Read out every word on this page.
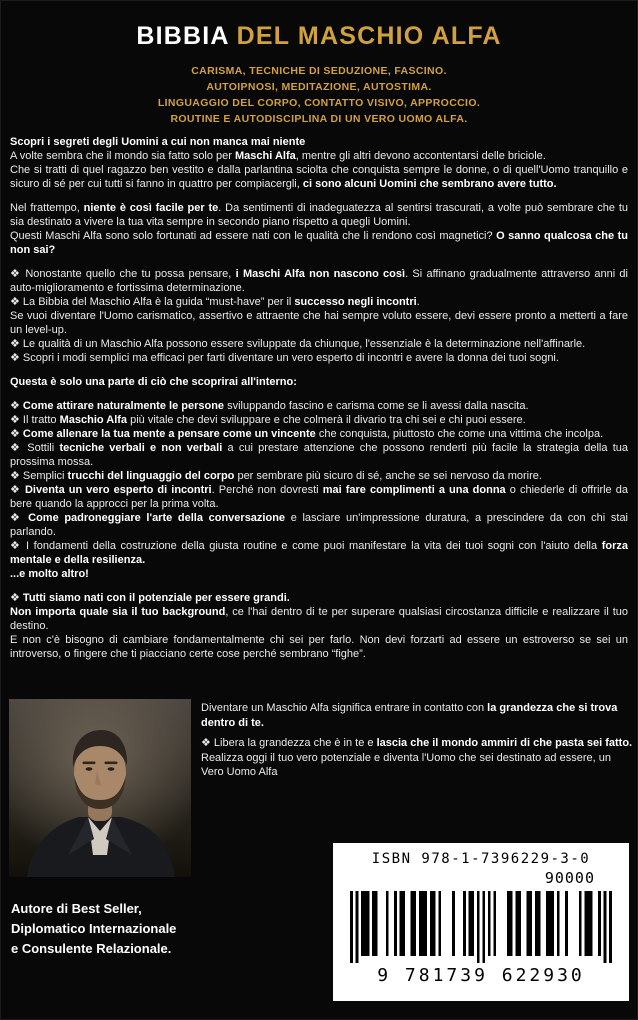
BIBBIA DEL MASCHIO ALFA
CARISMA, TECNICHE DI SEDUZIONE, FASCINO.
AUTOIPNOSI, MEDITAZIONE, AUTOSTIMA.
LINGUAGGIO DEL CORPO, CONTATTO VISIVO, APPROCCIO.
ROUTINE E AUTODISCIPLINA DI UN VERO UOMO ALFA.

Scopri i segreti degli Uomini a cui non manca mai niente

A volte sembra che il mondo sia fatto solo per Maschi Alfa, mentre gli altri devono accontentarsi delle briciole.

Che si tratti di quel ragazzo ben vestito e dalla parlantina sciolta che conquista sempre le donne, o di quell'Uomo tranquillo e sicuro di sé per cui tutti si fanno in quattro per compiacergli, ci sono alcuni Uomini che sembrano avere tutto.

Nel frattempo, niente è così facile per te. Da sentimenti di inadeguatezza al sentirsi trascurati, a volte può sembrare che tu sia destinato a vivere la tua vita sempre in secondo piano rispetto a quegli Uomini.

Questi Maschi Alfa sono solo fortunati ad essere nati con le qualità che li rendono così magnetici? O sanno qualcosa che tu non sai?

❖ Nonostante quello che tu possa pensare, i Maschi Alfa non nascono così. Si affinano gradualmente attraverso anni di auto-miglioramento e fortissima determinazione.

❖ La Bibbia del Maschio Alfa è la guida “must-have” per il successo negli incontri.

Se vuoi diventare l'Uomo carismatico, assertivo e attraente che hai sempre voluto essere, devi essere pronto a metterti a fare un level-up.

❖ Le qualità di un Maschio Alfa possono essere sviluppate da chiunque, l'essenziale è la determinazione nell'affinarle.

❖ Scopri i modi semplici ma efficaci per farti diventare un vero esperto di incontri e avere la donna dei tuoi sogni.

Questa è solo una parte di ciò che scoprirai all'interno:

❖ Come attirare naturalmente le persone sviluppando fascino e carisma come se li avessi dalla nascita.

❖ Il tratto Maschio Alfa più vitale che devi sviluppare e che colmerà il divario tra chi sei e chi puoi essere.

❖ Come allenare la tua mente a pensare come un vincente che conquista, piuttosto che come una vittima che incolpa.

❖ Sottili tecniche verbali e non verbali a cui prestare attenzione che possono renderti più facile la strategia della tua prossima mossa.

❖ Semplici trucchi del linguaggio del corpo per sembrare più sicuro di sé, anche se sei nervoso da morire.

❖ Diventa un vero esperto di incontri. Perché non dovresti mai fare complimenti a una donna o chiederle di offrirle da bere quando la approcci per la prima volta.

❖ Come padroneggiare l'arte della conversazione e lasciare un'impressione duratura, a prescindere da con chi stai parlando.

❖ I fondamenti della costruzione della giusta routine e come puoi manifestare la vita dei tuoi sogni con l'aiuto della forza mentale e della resilienza.

...e molto altro!

❖ Tutti siamo nati con il potenziale per essere grandi.

Non importa quale sia il tuo background, ce l'hai dentro di te per superare qualsiasi circostanza difficile e realizzare il tuo destino.

E non c'è bisogno di cambiare fondamentalmente chi sei per farlo. Non devi forzarti ad essere un estroverso se sei un introverso, o fingere che ti piacciano certe cose perché sembrano “fighe”.

Diventare un Maschio Alfa significa entrare in contatto con la grandezza che si trova dentro di te.

❖ Libera la grandezza che è in te e lascia che il mondo ammiri di che pasta sei fatto.

Realizza oggi il tuo vero potenziale e diventa l'Uomo che sei destinato ad essere, un Vero Uomo Alfa

Autore di Best Seller,
Diplomatico Internazionale
e Consulente Relazionale.
ISBN 978-1-7396229-3-0
90000
9 781739 622930
